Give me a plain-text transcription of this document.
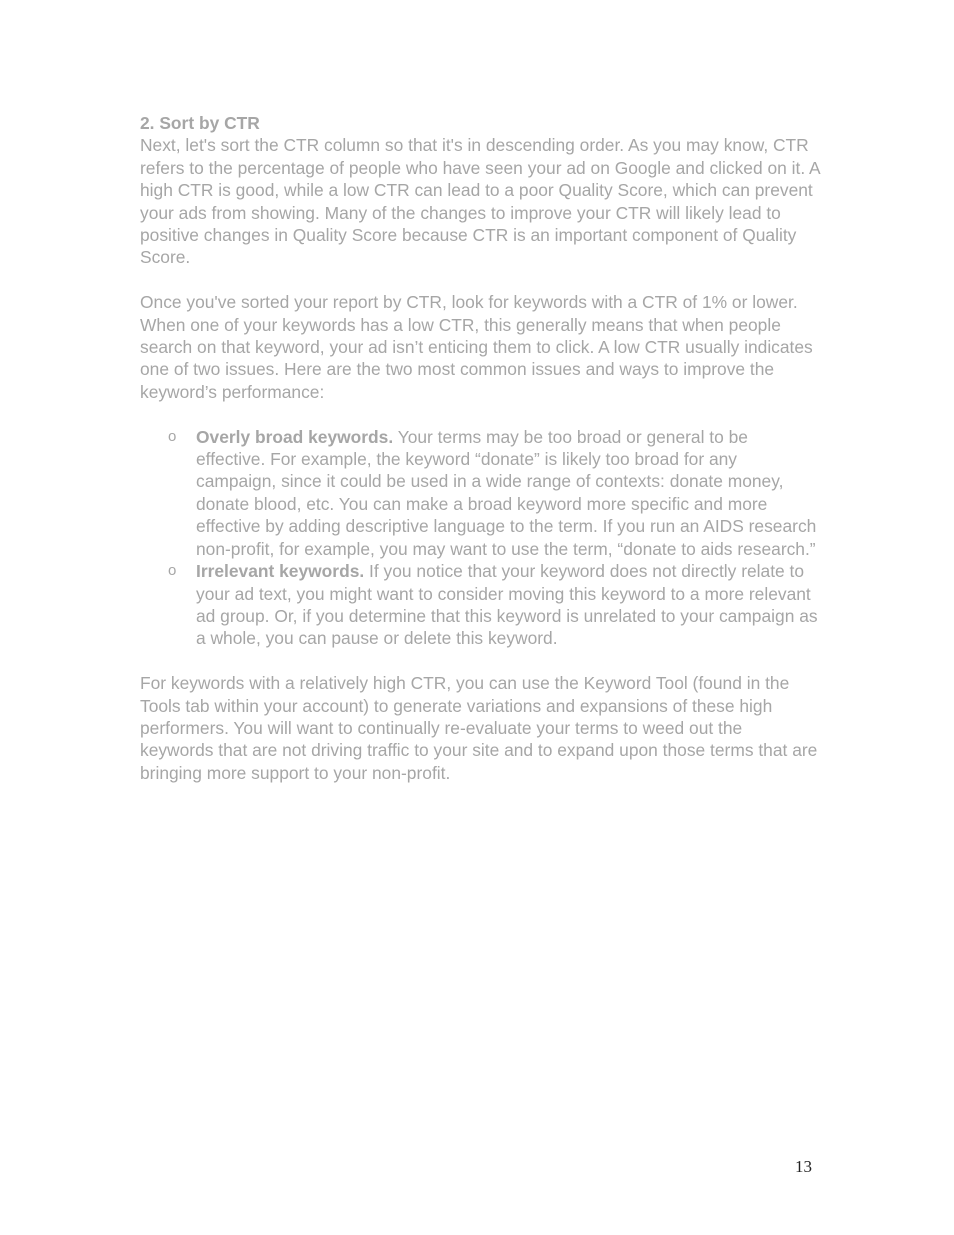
2. Sort by CTR

Next, let's sort the CTR column so that it's in descending order. As you may know, CTR refers to the percentage of people who have seen your ad on Google and clicked on it. A high CTR is good, while a low CTR can lead to a poor Quality Score, which can prevent your ads from showing. Many of the changes to improve your CTR will likely lead to positive changes in Quality Score because CTR is an important component of Quality Score.

Once you've sorted your report by CTR, look for keywords with a CTR of 1% or lower. When one of your keywords has a low CTR, this generally means that when people search on that keyword, your ad isn’t enticing them to click. A low CTR usually indicates one of two issues. Here are the two most common issues and ways to improve the keyword’s performance:

o Overly broad keywords. Your terms may be too broad or general to be effective. For example, the keyword “donate” is likely too broad for any campaign, since it could be used in a wide range of contexts: donate money, donate blood, etc. You can make a broad keyword more specific and more effective by adding descriptive language to the term. If you run an AIDS research non-profit, for example, you may want to use the term, “donate to aids research.”
o Irrelevant keywords. If you notice that your keyword does not directly relate to your ad text, you might want to consider moving this keyword to a more relevant ad group. Or, if you determine that this keyword is unrelated to your campaign as a whole, you can pause or delete this keyword.

For keywords with a relatively high CTR, you can use the Keyword Tool (found in the Tools tab within your account) to generate variations and expansions of these high performers. You will want to continually re-evaluate your terms to weed out the keywords that are not driving traffic to your site and to expand upon those terms that are bringing more support to your non-profit.

13
